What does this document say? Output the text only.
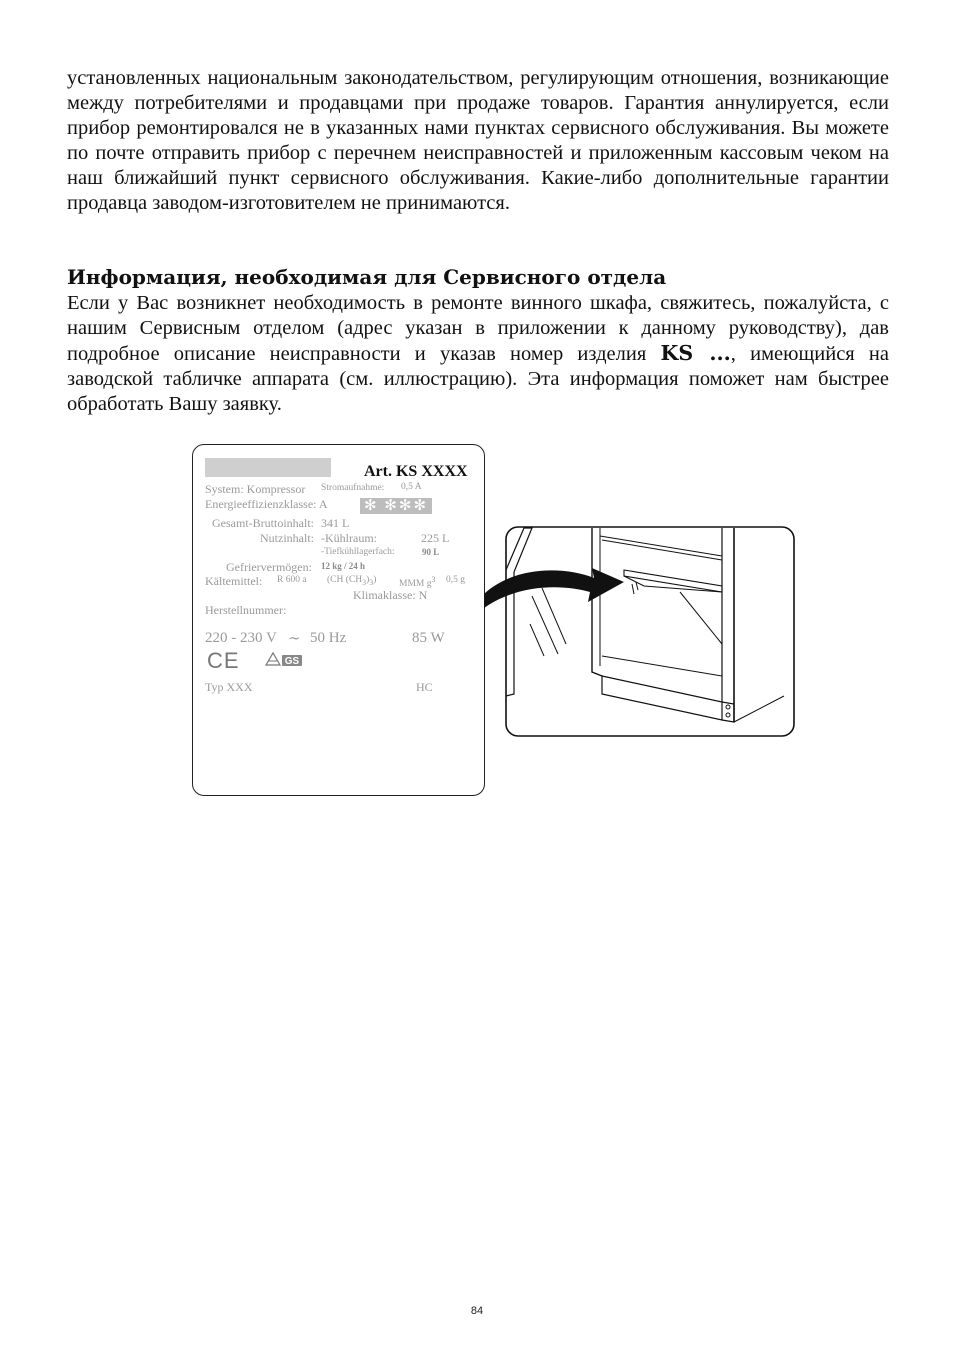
установленных национальным законодательством, регулирующим отношения, возникающие между потребителями и продавцами при продаже товаров. Гарантия аннулируется, если прибор ремонтировался не в указанных нами пунктах сервисного обслуживания. Вы можете по почте отправить прибор с перечнем неисправностей и приложенным кассовым чеком на наш ближайший пункт сервисного обслуживания. Какие-либо дополнительные гарантии продавца заводом-изготовителем не принимаются.

Информация, необходимая для Сервисного отдела

Если у Вас возникнет необходимость в ремонте винного шкафа, свяжитесь, пожалуйста, с нашим Сервисным отделом (адрес указан в приложении к данному руководству), дав подробное описание неисправности и указав номер изделия KS ..., имеющийся на заводской табличке аппарата (см. иллюстрацию). Эта информация поможет нам быстрее обработать Вашу заявку.

Art. KS XXXX
System: Kompressor Stromaufnahme: 0,5 A
Energieeffizienzklasse: A ✻ ✻✻✻
Gesamt-Bruttoinhalt: 341 L
Nutzinhalt: -Kühlraum:	225 L
-Tiefkühllagerfach:	90 L
Gefriervermögen: 12 kg / 24 h
Kältemittel: R 600 a (CH $(CH_3)_3$) MMM $g^3$ 0,5 g
Klimaklasse: N
Herstellnummer:
220 - 230 V ∼ 50 Hz	85 W
CE	GS
Typ XXX	HC
84
